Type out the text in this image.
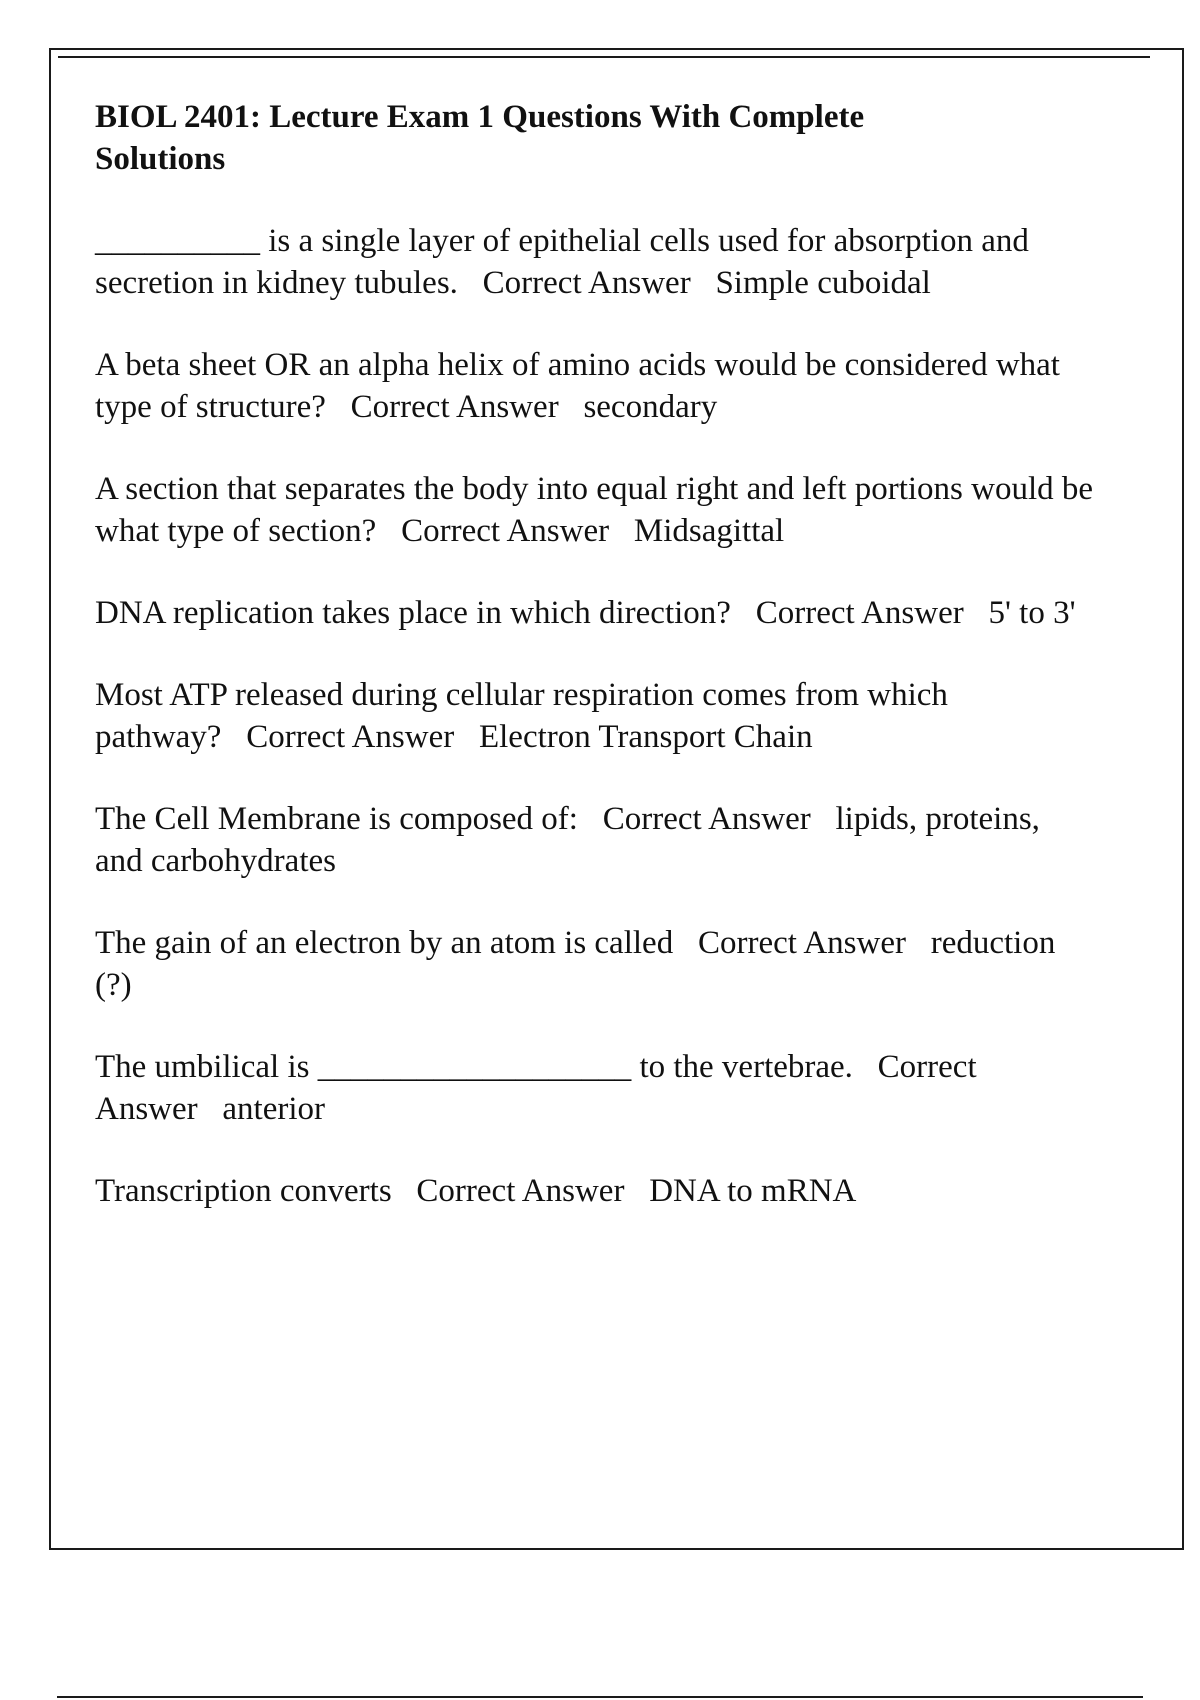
BIOL 2401: Lecture Exam 1 Questions With Complete Solutions
__________ is a single layer of epithelial cells used for absorption and secretion in kidney tubules. Correct Answer Simple cuboidal
A beta sheet OR an alpha helix of amino acids would be considered what type of structure? Correct Answer secondary
A section that separates the body into equal right and left portions would be what type of section? Correct Answer Midsagittal
DNA replication takes place in which direction? Correct Answer 5' to 3'
Most ATP released during cellular respiration comes from which pathway? Correct Answer Electron Transport Chain
The Cell Membrane is composed of: Correct Answer lipids, proteins, and carbohydrates
The gain of an electron by an atom is called Correct Answer reduction (?)
The umbilical is ___________________ to the vertebrae. Correct Answer anterior
Transcription converts Correct Answer DNA to mRNA
